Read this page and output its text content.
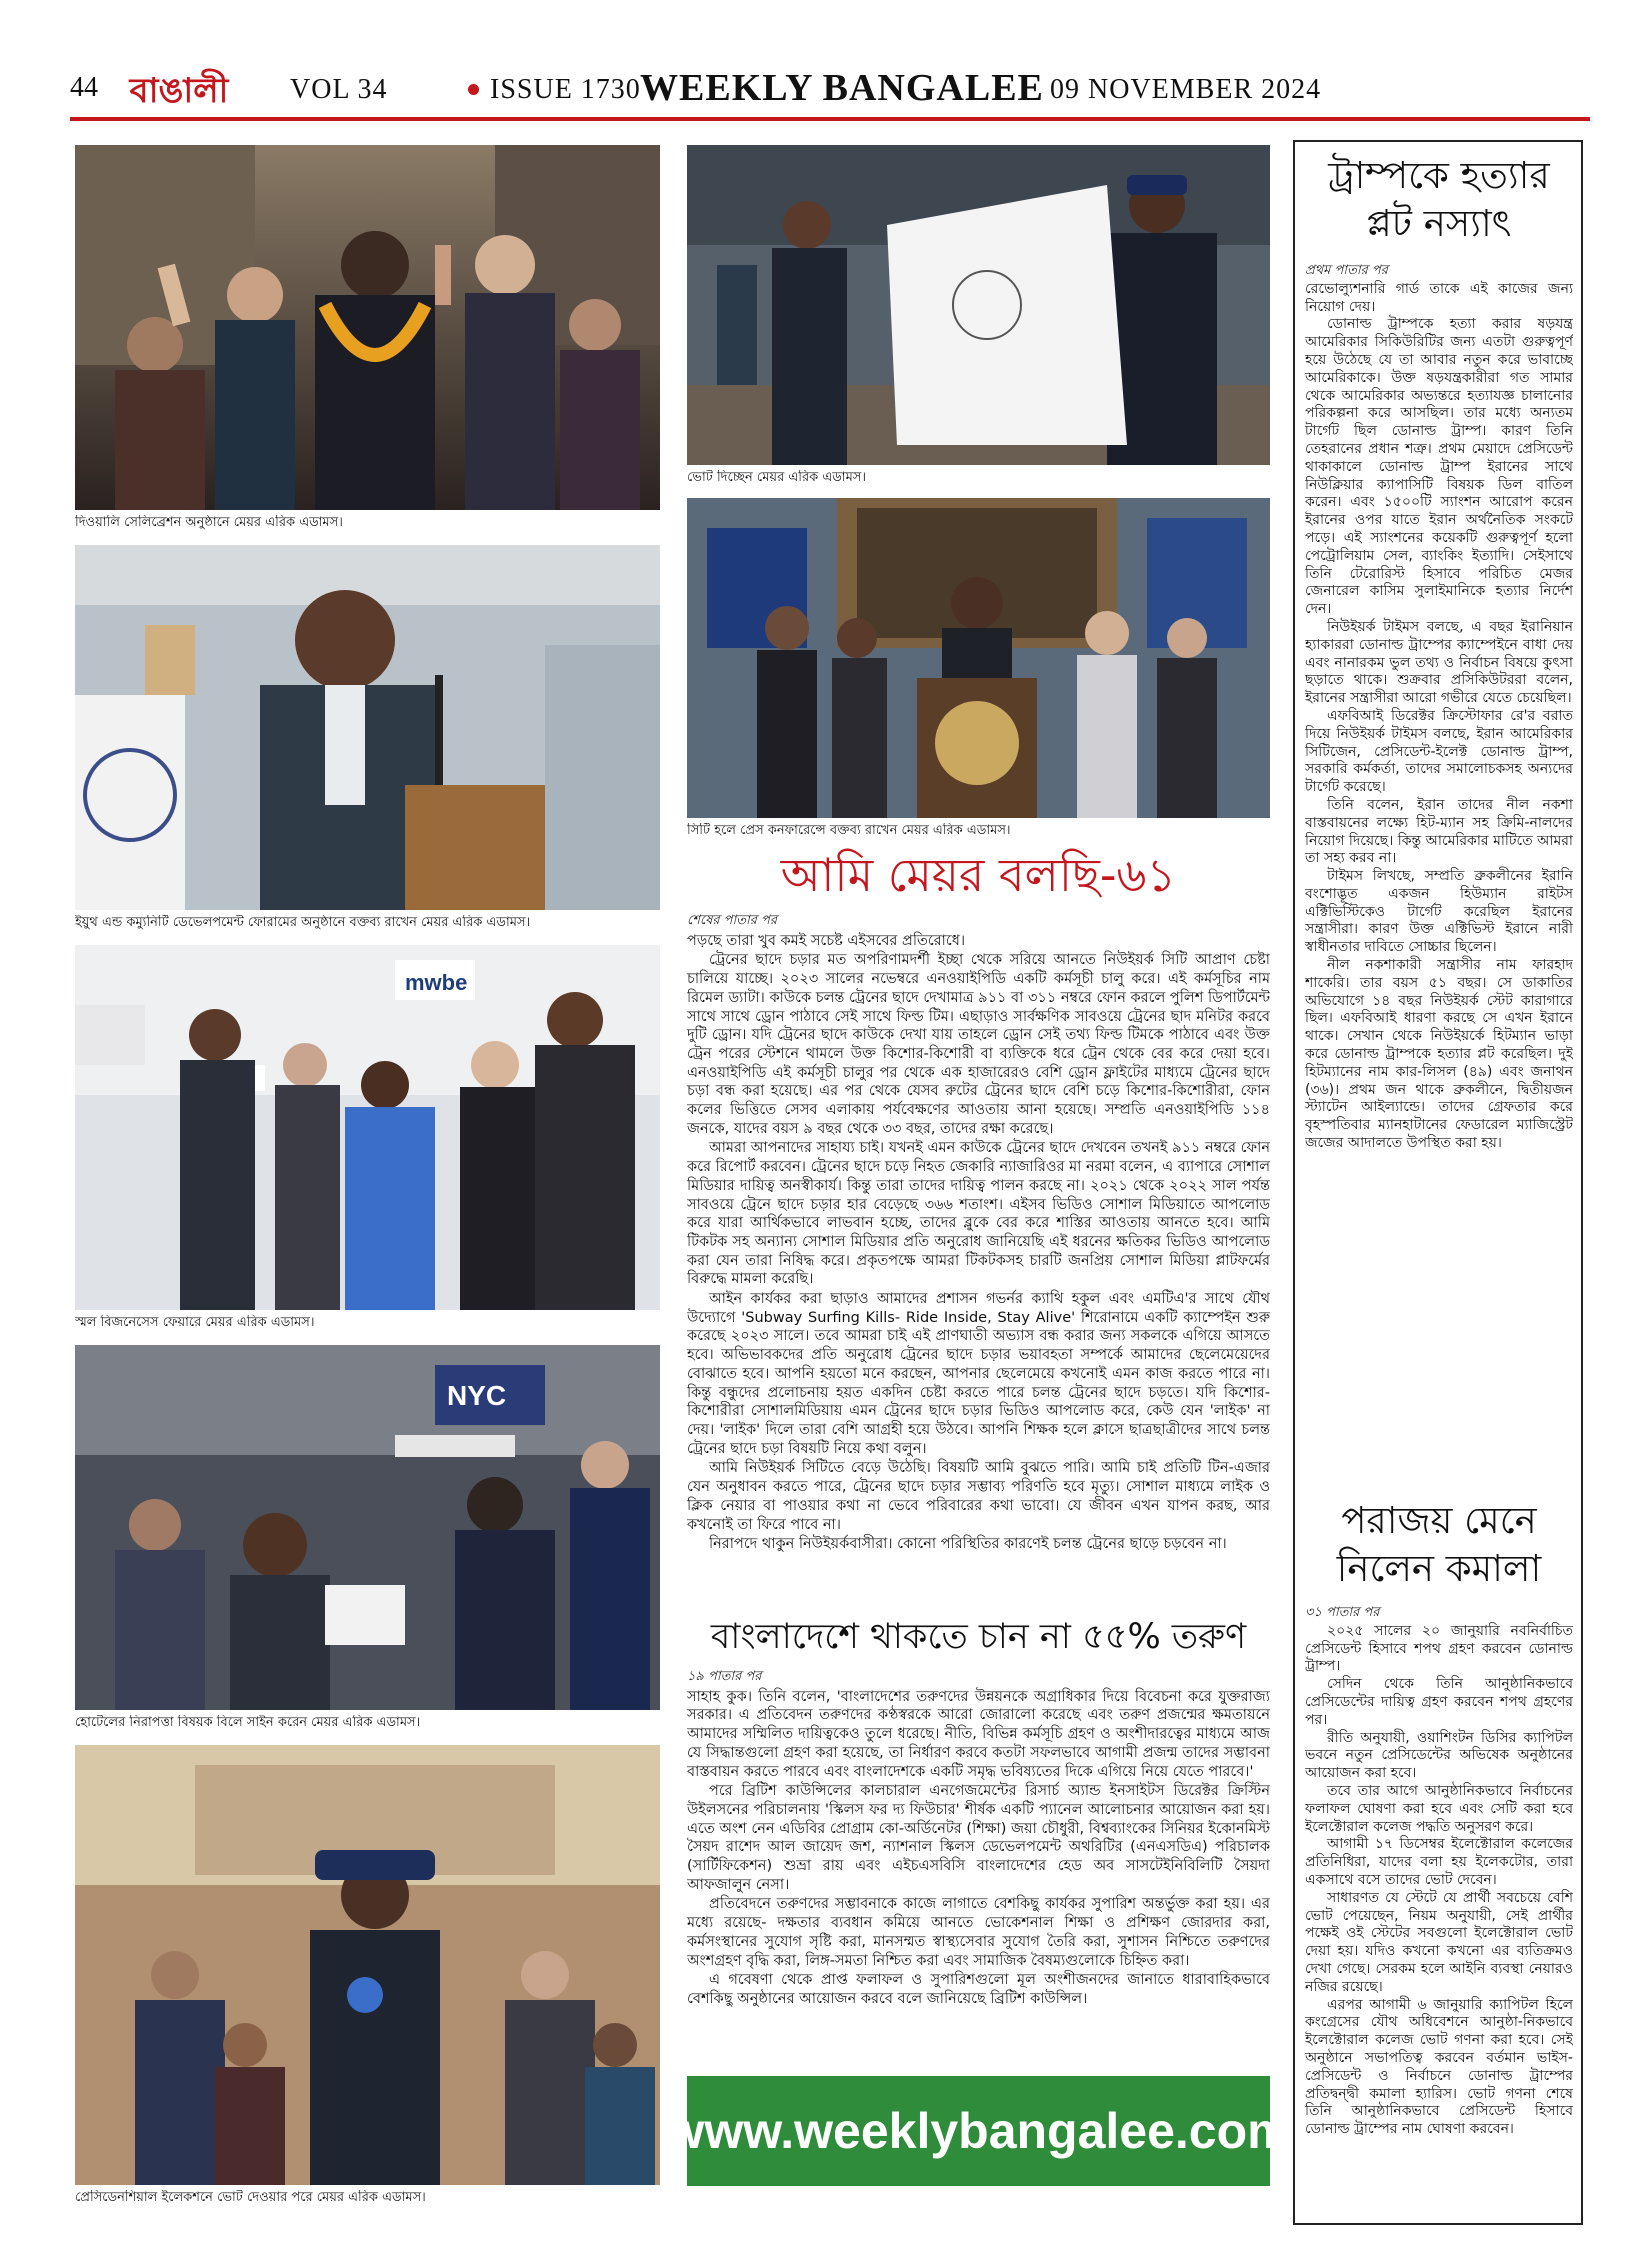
44 বাঙালী VOL 34	ISSUE 1730 WEEKLY BANGALEE 09 NOVEMBER 2024
দিওয়ালি সেলিব্রেশন অনুষ্ঠানে মেয়র এরিক এডামস।
ইয়ুথ এন্ড কম্যুনিটি ডেভেলপমেন্ট ফোরামের অনুষ্ঠানে বক্তব্য রাখেন মেয়র এরিক এডামস।
mwbe
স্মল বিজনেসেস ফেয়ারে মেয়র এরিক এডামস।
NYC
হোটেলের নিরাপত্তা বিষয়ক বিলে সাইন করেন মেয়র এরিক এডামস।
প্রেসিডেনশিয়াল ইলেকশনে ভোট দেওয়ার পরে মেয়র এরিক এডামস।
ভোট দিচ্ছেন মেয়র এরিক এডামস।
সিটি হলে প্রেস কনফারেন্সে বক্তব্য রাখেন মেয়র এরিক এডামস।
আমি মেয়র বলছি-৬১
শেষের পাতার পর

পড়ছে তারা খুব কমই সচেষ্ট এইসবের প্রতিরোধে।

ট্রেনের ছাদে চড়ার মত অপরিণামদর্শী ইচ্ছা থেকে সরিয়ে আনতে নিউইয়র্ক সিটি আপ্রাণ চেষ্টা চালিয়ে যাচ্ছে। ২০২৩ সালের নভেম্বরে এনওয়াইপিডি একটি কর্মসূচী চালু করে। এই কর্মসূচির নাম রিমেল ড্যাটা। কাউকে চলন্ত ট্রেনের ছাদে দেখামাত্র ৯১১ বা ৩১১ নম্বরে ফোন করলে পুলিশ ডিপার্টমেন্ট সাথে সাথে ড্রোন পাঠাবে সেই সাথে ফিল্ড টিম। এছাড়াও সার্বক্ষণিক সাবওয়ে ট্রেনের ছাদ মনিটর করবে দুটি ড্রোন। যদি ট্রেনের ছাদে কাউকে দেখা যায় তাহলে ড্রোন সেই তথ্য ফিল্ড টিমকে পাঠাবে এবং উক্ত ট্রেন পরের স্টেশনে থামলে উক্ত কিশোর-কিশোরী বা ব্যক্তিকে ধরে ট্রেন থেকে বের করে দেয়া হবে। এনওয়াইপিডি এই কর্মসূচী চালুর পর থেকে এক হাজারেরও বেশি ড্রোন ফ্লাইটের মাধ্যমে ট্রেনের ছাদে চড়া বন্ধ করা হয়েছে। এর পর থেকে যেসব রুটের ট্রেনের ছাদে বেশি চড়ে কিশোর-কিশোরীরা, ফোন কলের ভিত্তিতে সেসব এলাকায় পর্যবেক্ষণের আওতায় আনা হয়েছে। সম্প্রতি এনওয়াইপিডি ১১৪ জনকে, যাদের বয়স ৯ বছর থেকে ৩৩ বছর, তাদের রক্ষা করেছে।

আমরা আপনাদের সাহায্য চাই। যখনই এমন কাউকে ট্রেনের ছাদে দেখবেন তখনই ৯১১ নম্বরে ফোন করে রিপোর্ট করবেন। ট্রেনের ছাদে চড়ে নিহত জেকারি ন্যাজারিওর মা নরমা বলেন, এ ব্যাপারে সোশাল মিডিয়ার দায়িত্ব অনস্বীকার্য। কিন্তু তারা তাদের দায়িত্ব পালন করছে না। ২০২১ থেকে ২০২২ সাল পর্যন্ত সাবওয়ে ট্রেনে ছাদে চড়ার হার বেড়েছে ৩৬৬ শতাংশ। এইসব ভিডিও সোশাল মিডিয়াতে আপলোড করে যারা আর্থিকভাবে লাভবান হচ্ছে, তাদের ব্লুকে বের করে শাস্তির আওতায় আনতে হবে। আমি টিকটক সহ অন্যান্য সোশাল মিডিয়ার প্রতি অনুরোধ জানিয়েছি এই ধরনের ক্ষতিকর ভিডিও আপলোড করা যেন তারা নিষিদ্ধ করে। প্রকৃতপক্ষে আমরা টিকটকসহ চারটি জনপ্রিয় সোশাল মিডিয়া প্লাটফর্মের বিরুদ্ধে মামলা করেছি।

আইন কার্যকর করা ছাড়াও আমাদের প্রশাসন গভর্নর ক্যাথি হকুল এবং এমটিএ'র সাথে যৌথ উদ্যোগে 'Subway Surfing Kills- Ride Inside, Stay Alive' শিরোনামে একটি ক্যাম্পেইন শুরু করেছে ২০২৩ সালে। তবে আমরা চাই এই প্রাণঘাতী অভ্যাস বন্ধ করার জন্য সকলকে এগিয়ে আসতে হবে। অভিভাবকদের প্রতি অনুরোধ ট্রেনের ছাদে চড়ার ভয়াবহতা সম্পর্কে আমাদের ছেলেমেয়েদের বোঝাতে হবে। আপনি হয়তো মনে করছেন, আপনার ছেলেমেয়ে কখনোই এমন কাজ করতে পারে না। কিন্তু বন্ধুদের প্রলোচনায় হয়ত একদিন চেষ্টা করতে পারে চলন্ত ট্রেনের ছাদে চড়তে। যদি কিশোর-কিশোরীরা সোশালমিডিয়ায় এমন ট্রেনের ছাদে চড়ার ভিডিও আপলোড করে, কেউ যেন 'লাইক' না দেয়। 'লাইক' দিলে তারা বেশি আগ্রহী হয়ে উঠবে। আপনি শিক্ষক হলে ক্লাসে ছাত্রছাত্রীদের সাথে চলন্ত ট্রেনের ছাদে চড়া বিষয়টি নিয়ে কথা বলুন।

আমি নিউইয়র্ক সিটিতে বেড়ে উঠেছি। বিষয়টি আমি বুঝতে পারি। আমি চাই প্রতিটি টিন-এজার যেন অনুধাবন করতে পারে, ট্রেনের ছাদে চড়ার সম্ভাব্য পরিণতি হবে মৃত্যু। সোশাল মাধ্যমে লাইক ও ক্লিক নেয়ার বা পাওয়ার কথা না ভেবে পরিবারের কথা ভাবো। যে জীবন এখন যাপন করছ, আর কখনোই তা ফিরে পাবে না।

নিরাপদে থাকুন নিউইয়র্কবাসীরা। কোনো পরিস্থিতির কারণেই চলন্ত ট্রেনের ছাড়ে চড়বেন না।

বাংলাদেশে থাকতে চান না ৫৫% তরুণ
১৯ পাতার পর

সাহাহ কুক। তিনি বলেন, 'বাংলাদেশের তরুণদের উন্নয়নকে অগ্রাধিকার দিয়ে বিবেচনা করে যুক্তরাজ্য সরকার। এ প্রতিবেদন তরুণদের কণ্ঠস্বরকে আরো জোরালো করেছে এবং তরুণ প্রজন্মের ক্ষমতায়নে আমাদের সম্মিলিত দায়িত্বকেও তুলে ধরেছে। নীতি, বিভিন্ন কর্মসূচি গ্রহণ ও অংশীদারত্বের মাধ্যমে আজ যে সিদ্ধান্তগুলো গ্রহণ করা হয়েছে, তা নির্ধারণ করবে কতটা সফলভাবে আগামী প্রজন্ম তাদের সম্ভাবনা বাস্তবায়ন করতে পারবে এবং বাংলাদেশকে একটি সমৃদ্ধ ভবিষ্যতের দিকে এগিয়ে নিয়ে যেতে পারবে।'

পরে ব্রিটিশ কাউন্সিলের কালচারাল এনগেজমেন্টের রিসার্চ অ্যান্ড ইনসাইটস ডিরেক্টর ক্রিস্টিন উইলসনের পরিচালনায় 'স্কিলস ফর দ্য ফিউচার' শীর্ষক একটি প্যানেল আলোচনার আয়োজন করা হয়। এতে অংশ নেন এডিবির প্রোগ্রাম কো-অর্ডিনেটর (শিক্ষা) জয়া চৌধুরী, বিশ্বব্যাংকের সিনিয়র ইকোনমিস্ট সৈয়দ রাশেদ আল জায়েদ জশ, ন্যাশনাল স্কিলস ডেভেলপমেন্ট অথরিটির (এনএসডিএ) পরিচালক (সার্টিফিকেশন) শুভ্রা রায় এবং এইচএসবিসি বাংলাদেশের হেড অব সাসটেইনিবিলিটি সৈয়দা আফজালুন নেসা।

প্রতিবেদনে তরুণদের সম্ভাবনাকে কাজে লাগাতে বেশকিছু কার্যকর সুপারিশ অন্তর্ভুক্ত করা হয়। এর মধ্যে রয়েছে- দক্ষতার ব্যবধান কমিয়ে আনতে ভোকেশনাল শিক্ষা ও প্রশিক্ষণ জোরদার করা, কর্মসংস্থানের সুযোগ সৃষ্টি করা, মানসম্মত স্বাস্থ্যসেবার সুযোগ তৈরি করা, সুশাসন নিশ্চিতে তরুণদের অংশগ্রহণ বৃদ্ধি করা, লিঙ্গ-সমতা নিশ্চিত করা এবং সামাজিক বৈষম্যগুলোকে চিহ্নিত করা।

এ গবেষণা থেকে প্রাপ্ত ফলাফল ও সুপারিশগুলো মূল অংশীজনদের জানাতে ধারাবাহিকভাবে বেশকিছু অনুষ্ঠানের আয়োজন করবে বলে জানিয়েছে ব্রিটিশ কাউন্সিল।

www.weeklybangalee.com
ট্রাম্পকে হত্যার প্লট নস্যাৎ
প্রথম পাতার পর

রেভোল্যুশনারি গার্ড তাকে এই কাজের জন্য নিয়োগ দেয়।

ডোনাল্ড ট্রাম্পকে হত্যা করার ষড়যন্ত্র আমেরিকার সিকিউরিটির জন্য এতটা গুরুত্বপূর্ণ হয়ে উঠেছে যে তা আবার নতুন করে ভাবাচ্ছে আমেরিকাকে। উক্ত ষড়যন্ত্রকারীরা গত সামার থেকে আমেরিকার অভ্যন্তরে হত্যাযজ্ঞ চালানোর পরিকল্পনা করে আসছিল। তার মধ্যে অন্যতম টার্গেট ছিল ডোনাল্ড ট্রাম্প। কারণ তিনি তেহরানের প্রধান শত্রু। প্রথম মেয়াদে প্রেসিডেন্ট থাকাকালে ডোনাল্ড ট্রাম্প ইরানের সাথে নিউক্লিয়ার ক্যাপাসিটি বিষয়ক ডিল বাতিল করেন। এবং ১৫০০টি স্যাংশন আরোপ করেন ইরানের ওপর যাতে ইরান অর্থনৈতিক সংকটে পড়ে। এই স্যাংশনের কয়েকটি গুরুত্বপূর্ণ হলো পেট্রোলিয়াম সেল, ব্যাংকিং ইত্যাদি। সেইসাথে তিনি টেরোরিস্ট হিসাবে পরিচিত মেজর জেনারেল কাসিম সুলাইমানিকে হত্যার নির্দেশ দেন।

নিউইয়র্ক টাইমস বলছে, এ বছর ইরানিয়ান হ্যাকাররা ডোনাল্ড ট্রাম্পের ক্যাম্পেইনে বাধা দেয় এবং নানারকম ভুল তথ্য ও নির্বাচন বিষয়ে কুৎসা ছড়াতে থাকে। শুক্রবার প্রসিকিউটররা বলেন, ইরানের সন্ত্রাসীরা আরো গভীরে যেতে চেয়েছিল।

এফবিআই ডিরেক্টর ক্রিস্টোফার রে'র বরাত দিয়ে নিউইয়র্ক টাইমস বলছে, ইরান আমেরিকার সিটিজেন, প্রেসিডেন্ট-ইলেক্ট ডোনাল্ড ট্রাম্প, সরকারি কর্মকর্তা, তাদের সমালোচকসহ অন্যদের টার্গেট করেছে।

তিনি বলেন, ইরান তাদের নীল নকশা বাস্তবায়নের লক্ষ্যে হিট-ম্যান সহ ক্রিমি-নালদের নিয়োগ দিয়েছে। কিন্তু আমেরিকার মাটিতে আমরা তা সহ্য করব না।

টাইমস লিখছে, সম্প্রতি ব্রুকলীনের ইরানি বংশোদ্ভূত একজন হিউম্যান রাইটস এক্টিভিস্টিকেও টার্গেট করেছিল ইরানের সন্ত্রাসীরা। কারণ উক্ত এক্টিভিস্ট ইরানে নারী স্বাধীনতার দাবিতে সোচ্চার ছিলেন।

নীল নকশাকারী সন্ত্রাসীর নাম ফারহাদ শাকেরি। তার বয়স ৫১ বছর। সে ডাকাতির অভিযোগে ১৪ বছর নিউইয়র্ক স্টেট কারাগারে ছিল। এফবিআই ধারণা করছে সে এখন ইরানে থাকে। সেখান থেকে নিউইয়র্কে হিটম্যান ভাড়া করে ডোনাল্ড ট্রাম্পকে হত্যার প্লট করেছিল। দুই হিটম্যানের নাম কার-লিসল (৪৯) এবং জনাথন (৩৬)। প্রথম জন থাকে ব্রুকলীনে, দ্বিতীয়জন স্ট্যাটেন আইল্যান্ডে। তাদের গ্রেফতার করে বৃহস্পতিবার ম্যানহাটানের ফেডারেল ম্যাজিস্ট্রেট জজের আদালতে উপস্থিত করা হয়।

পরাজয় মেনে নিলেন কমালা
৩১ পাতার পর

২০২৫ সালের ২০ জানুয়ারি নবনির্বাচিত প্রেসিডেন্ট হিসাবে শপথ গ্রহণ করবেন ডোনাল্ড ট্রাম্প।

সেদিন থেকে তিনি আনুষ্ঠানিকভাবে প্রেসিডেন্টের দায়িত্ব গ্রহণ করবেন শপথ গ্রহণের পর।

রীতি অনুযায়ী, ওয়াশিংটন ডিসির ক্যাপিটল ভবনে নতুন প্রেসিডেন্টের অভিষেক অনুষ্ঠানের আয়োজন করা হবে।

তবে তার আগে আনুষ্ঠানিকভাবে নির্বাচনের ফলাফল ঘোষণা করা হবে এবং সেটি করা হবে ইলেক্টোরাল কলেজ পদ্ধতি অনুসরণ করে।

আগামী ১৭ ডিসেম্বর ইলেক্টোরাল কলেজের প্রতিনিধিরা, যাদের বলা হয় ইলেকটোর, তারা একসাথে বসে তাদের ভোট দেবেন।

সাধারণত যে স্টেটে যে প্রার্থী সবচেয়ে বেশি ভোট পেয়েছেন, নিয়ম অনুযায়ী, সেই প্রার্থীর পক্ষেই ওই স্টেটের সবগুলো ইলেক্টোরাল ভোট দেয়া হয়। যদিও কখনো কখনো এর ব্যতিক্রমও দেখা গেছে। সেরকম হলে আইনি ব্যবস্থা নেয়ারও নজির রয়েছে।

এরপর আগামী ৬ জানুয়ারি ক্যাপিটল হিলে কংগ্রেসের যৌথ অধিবেশনে আনুষ্ঠা-নিকভাবে ইলেক্টোরাল কলেজ ভোট গণনা করা হবে। সেই অনুষ্ঠানে সভাপতিত্ব করবেন বর্তমান ভাইস-প্রেসিডেন্ট ও নির্বাচনে ডোনাল্ড ট্রাম্পের প্রতিদ্বন্দ্বী কমালা হ্যারিস। ভোট গণনা শেষে তিনি আনুষ্ঠানিকভাবে প্রেসিডেন্ট হিসাবে ডোনাল্ড ট্রাম্পের নাম ঘোষণা করবেন।
